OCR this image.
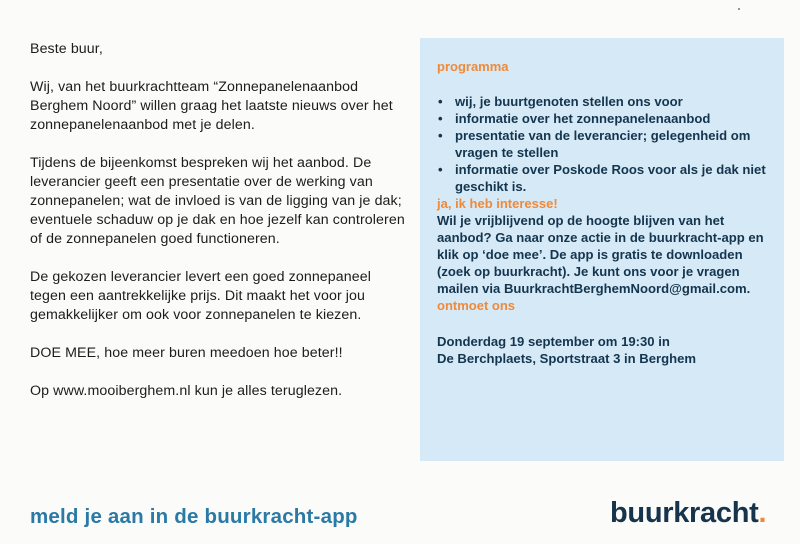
Beste buur,

Wij, van het buurkrachtteam “Zonnepanelenaanbod Berghem Noord” willen graag het laatste nieuws over het zonnepanelenaanbod met je delen.

Tijdens de bijeenkomst bespreken wij het aanbod. De leverancier geeft een presentatie over de werking van zonnepanelen; wat de invloed is van de ligging van je dak; eventuele schaduw op je dak en hoe jezelf kan controleren of de zonnepanelen goed functioneren.

De gekozen leverancier levert een goed zonnepaneel tegen een aantrekkelijke prijs. Dit maakt het voor jou gemakkelijker om ook voor zonnepanelen te kiezen.

DOE MEE, hoe meer buren meedoen hoe beter!!

Op www.mooiberghem.nl kun je alles teruglezen.

programma
• wij, je buurtgenoten stellen ons voor
• informatie over het zonnepanelenaanbod
• presentatie van de leverancier; gelegenheid om vragen te stellen
• informatie over Poskode Roos voor als je dak niet geschikt is.
ja, ik heb interesse!

Wil je vrijblijvend op de hoogte blijven van het aanbod? Ga naar onze actie in de buurkracht-app en klik op ‘doe mee’. De app is gratis te downloaden (zoek op buurkracht). Je kunt ons voor je vragen mailen via BuurkrachtBerghemNoord@gmail.com.

ontmoet ons

Donderdag 19 september om 19:30 in

De Berchplaets, Sportstraat 3 in Berghem

meld je aan in de buurkracht-app	buurkracht.
